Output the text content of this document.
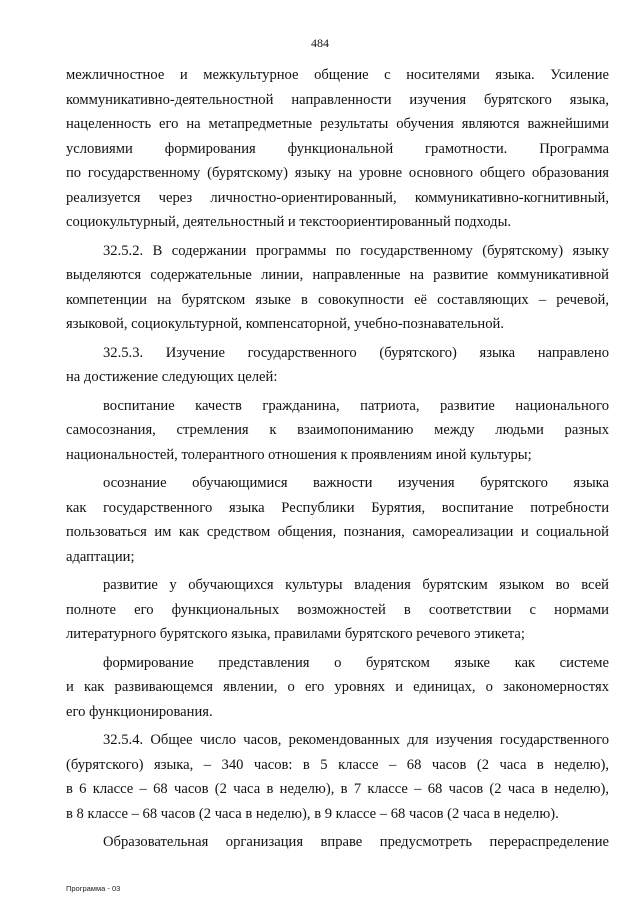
484
межличностное и межкультурное общение с носителями языка. Усиление
коммуникативно-деятельностной направленности изучения бурятского языка,
нацеленность его на метапредметные результаты обучения являются важнейшими
условиями формирования функциональной грамотности. Программа
по государственному (бурятскому) языку на уровне основного общего образования
реализуется через личностно-ориентированный, коммуникативно-когнитивный,
социокультурный, деятельностный и текстоориентированный подходы.
32.5.2. В содержании программы по государственному (бурятскому) языку
выделяются содержательные линии, направленные на развитие коммуникативной
компетенции на бурятском языке в совокупности её составляющих – речевой,
языковой, социокультурной, компенсаторной, учебно-познавательной.
32.5.3. Изучение государственного (бурятского) языка направлено
на достижение следующих целей:
воспитание качеств гражданина, патриота, развитие национального
самосознания, стремления к взаимопониманию между людьми разных
национальностей, толерантного отношения к проявлениям иной культуры;
осознание обучающимися важности изучения бурятского языка
как государственного языка Республики Бурятия, воспитание потребности
пользоваться им как средством общения, познания, самореализации и социальной
адаптации;
развитие у обучающихся культуры владения бурятским языком во всей
полноте его функциональных возможностей в соответствии с нормами
литературного бурятского языка, правилами бурятского речевого этикета;
формирование представления о бурятском языке как системе
и как развивающемся явлении, о его уровнях и единицах, о закономерностях
его функционирования.
32.5.4. Общее число часов, рекомендованных для изучения государственного
(бурятского) языка, – 340 часов: в 5 классе – 68 часов (2 часа в неделю),
в 6 классе – 68 часов (2 часа в неделю), в 7 классе – 68 часов (2 часа в неделю),
в 8 классе – 68 часов (2 часа в неделю), в 9 классе – 68 часов (2 часа в неделю).
Образовательная организация вправе предусмотреть перераспределение
Программа - 03
